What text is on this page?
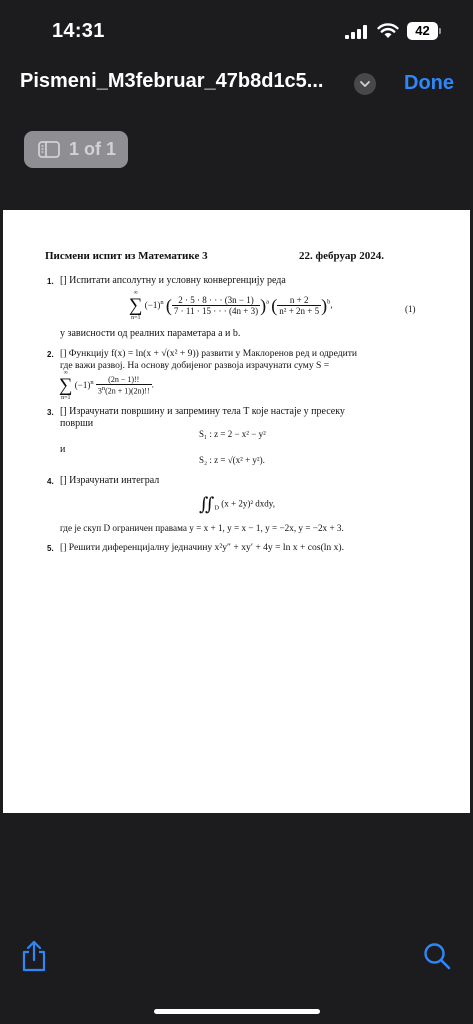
14:31	42
Pismeni_M3februar_47b8d1c5...	Done
1 of 1
Писмени испит из Математике 3	22. фебруар 2024.
1. [] Испитати апсолутну и условну конвергенцију реда
∞
∑
n=1
$(-1)^n$ ( $\frac{2 \cdot 5 \cdot 8 \cdot \cdot \cdot (3n - 1)}{7 \cdot 11 \cdot 15 \cdot \cdot \cdot (4n + 3)} )^a$ ( $\frac{n + 2}{\text{n² + 2n + 5}} )^b$,	(1)
у зависности од реалних параметара a и b.
2. [] Функцију f(x) = ln(x + √(x² + 9)) развити у Маклоренов ред и одредити
где важи развој. На основу добијеног развоја израчунати суму S =
∞
∑
n=1
$(-1)^n \frac{(2n - 1)!!}{3^n(2n + 1)(2n)!!}$ .
3. [] Израчунати површину и запремину тела T које настаје у пресеку
површи
S₁ : z = 2 − x² − y²
и
S₂ : z = √(x² + y²).
4. [] Израчунати интеграл
$∬_D$ (x + 2y)² dxdy,
где је скуп D ограничен правама y = x + 1, y = x − 1, y = −2x, y = −2x + 3.
5. [] Решити диференцијалну једначину x²y″ + xy′ + 4y = ln x + cos(ln x).
